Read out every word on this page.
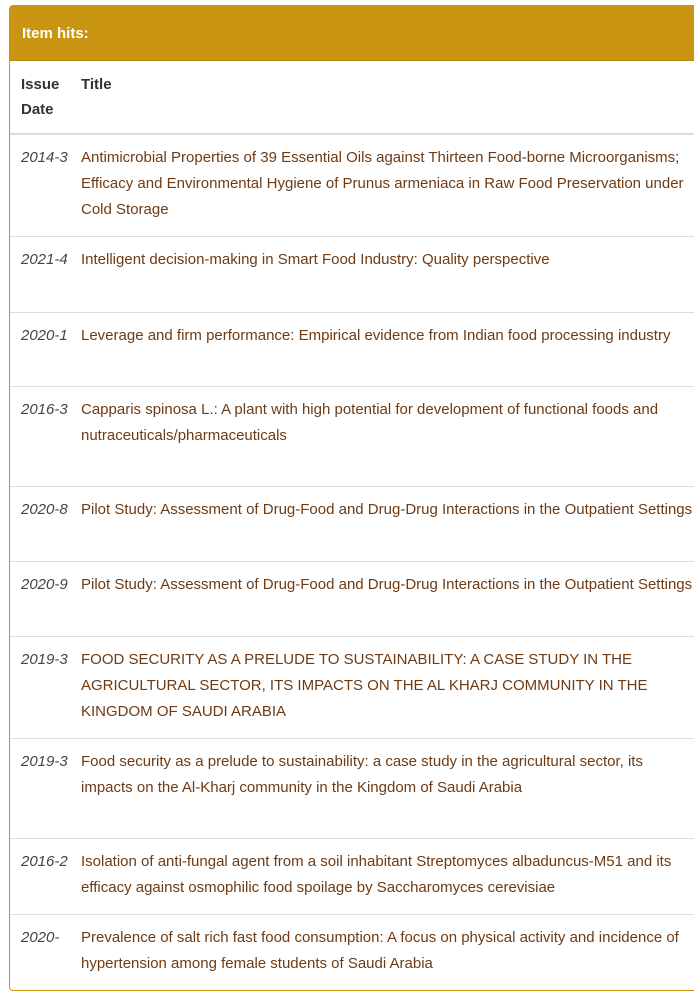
Item hits:
Issue Date	Title
2014-3	Antimicrobial Properties of 39 Essential Oils against Thirteen Food-borne Microorganisms; Efficacy and Environmental Hygiene of Prunus armeniaca in Raw Food Preservation under Cold Storage
2021-4	Intelligent decision-making in Smart Food Industry: Quality perspective
2020-1	Leverage and firm performance: Empirical evidence from Indian food processing industry
2016-3	Capparis spinosa L.: A plant with high potential for development of functional foods and nutraceuticals/pharmaceuticals
2020-8	Pilot Study: Assessment of Drug-Food and Drug-Drug Interactions in the Outpatient Settings
2020-9	Pilot Study: Assessment of Drug-Food and Drug-Drug Interactions in the Outpatient Settings
2019-3	FOOD SECURITY AS A PRELUDE TO SUSTAINABILITY: A CASE STUDY IN THE AGRICULTURAL SECTOR, ITS IMPACTS ON THE AL KHARJ COMMUNITY IN THE KINGDOM OF SAUDI ARABIA
2019-3	Food security as a prelude to sustainability: a case study in the agricultural sector, its impacts on the Al-Kharj community in the Kingdom of Saudi Arabia
2016-2	Isolation of anti-fungal agent from a soil inhabitant Streptomyces albaduncus-M51 and its efficacy against osmophilic food spoilage by Saccharomyces cerevisiae
2020-	Prevalence of salt rich fast food consumption: A focus on physical activity and incidence of hypertension among female students of Saudi Arabia
